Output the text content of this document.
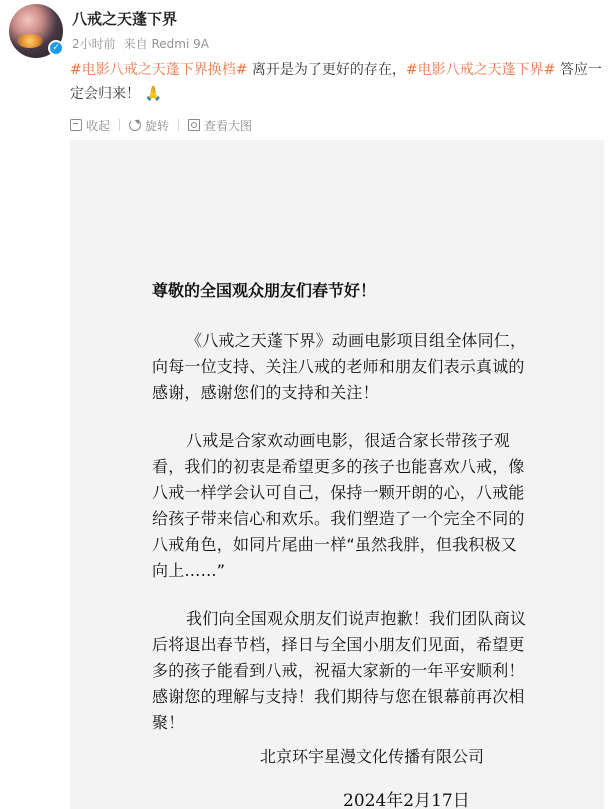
✓
八戒之天蓬下界
2小时前 来自 Redmi 9A
#电影八戒之天蓬下界换档# 离开是为了更好的存在，#电影八戒之天蓬下界# 答应一定会归来！ 🙏
收起	旋转	查看大图
尊敬的全国观众朋友们春节好！

《八戒之天蓬下界》动画电影项目组全体同仁，向每一位支持、关注八戒的老师和朋友们表示真诚的感谢，感谢您们的支持和关注！

八戒是合家欢动画电影，很适合家长带孩子观看，我们的初衷是希望更多的孩子也能喜欢八戒，像八戒一样学会认可自己，保持一颗开朗的心，八戒能给孩子带来信心和欢乐。我们塑造了一个完全不同的八戒角色，如同片尾曲一样“虽然我胖，但我积极又向上……”

我们向全国观众朋友们说声抱歉！我们团队商议后将退出春节档，择日与全国小朋友们见面，希望更多的孩子能看到八戒，祝福大家新的一年平安顺利！感谢您的理解与支持！我们期待与您在银幕前再次相聚！

北京环宇星漫文化传播有限公司
2024年2月17日
